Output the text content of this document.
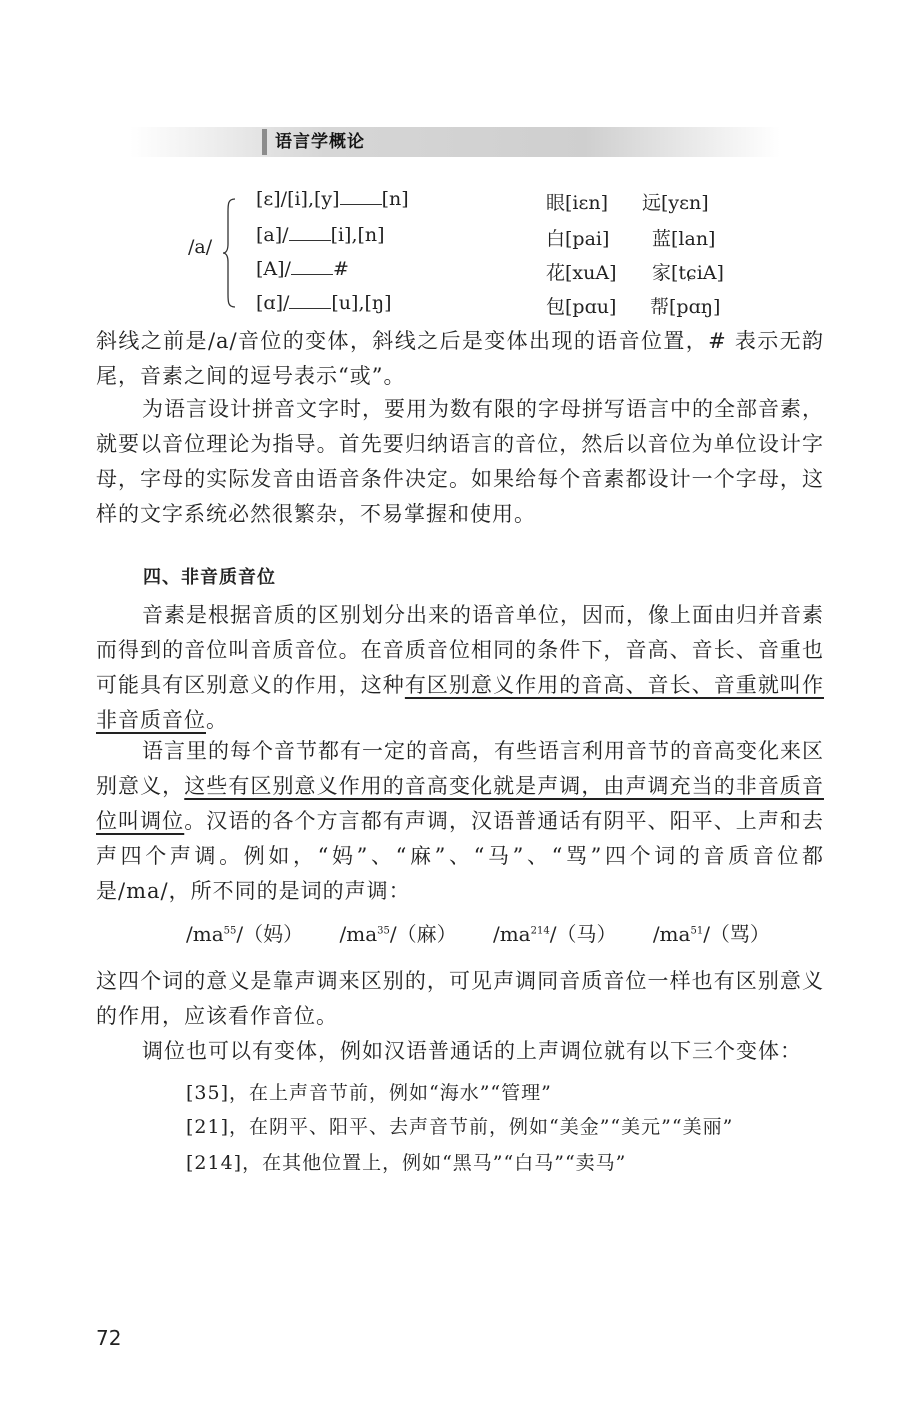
语言学概论
/a/
[ε]/[i],[y] [n]
[a]/ [i],[n]
[A]/ #
[ɑ]/ [u],[ŋ]
眼[iεn] 远[yεn]
白[pai] 蓝[lan]
花[xuA] 家[tɕiA]
包[pɑu] 帮[pɑŋ]

斜线之前是/a/音位的变体，斜线之后是变体出现的语音位置，# 表示无韵尾，音素之间的逗号表示“或”。

为语言设计拼音文字时，要用为数有限的字母拼写语言中的全部音素，就要以音位理论为指导。首先要归纳语言的音位，然后以音位为单位设计字母，字母的实际发音由语音条件决定。如果给每个音素都设计一个字母，这样的文字系统必然很繁杂，不易掌握和使用。

四、非音质音位

音素是根据音质的区别划分出来的语音单位，因而，像上面由归并音素而得到的音位叫音质音位。在音质音位相同的条件下，音高、音长、音重也可能具有区别意义的作用，这种有区别意义作用的音高、音长、音重就叫作非音质音位。

语言里的每个音节都有一定的音高，有些语言利用音节的音高变化来区别意义，这些有区别意义作用的音高变化就是声调，由声调充当的非音质音位叫调位。汉语的各个方言都有声调，汉语普通话有阴平、阳平、上声和去声四个声调。例如，“妈”、“麻”、“马”、“骂”四个词的音质音位都是/ma/，所不同的是词的声调：

$/ma^{55}/$（妈） $/ma^{35}/$（麻） $/ma^{214}/$（马） $/ma^{51}/$（骂）

这四个词的意义是靠声调来区别的，可见声调同音质音位一样也有区别意义的作用，应该看作音位。

调位也可以有变体，例如汉语普通话的上声调位就有以下三个变体：

[35]，在上声音节前，例如“海水”“管理”
[21]，在阴平、阳平、去声音节前，例如“美金”“美元”“美丽”
[214]，在其他位置上，例如“黑马”“白马”“卖马”
72
